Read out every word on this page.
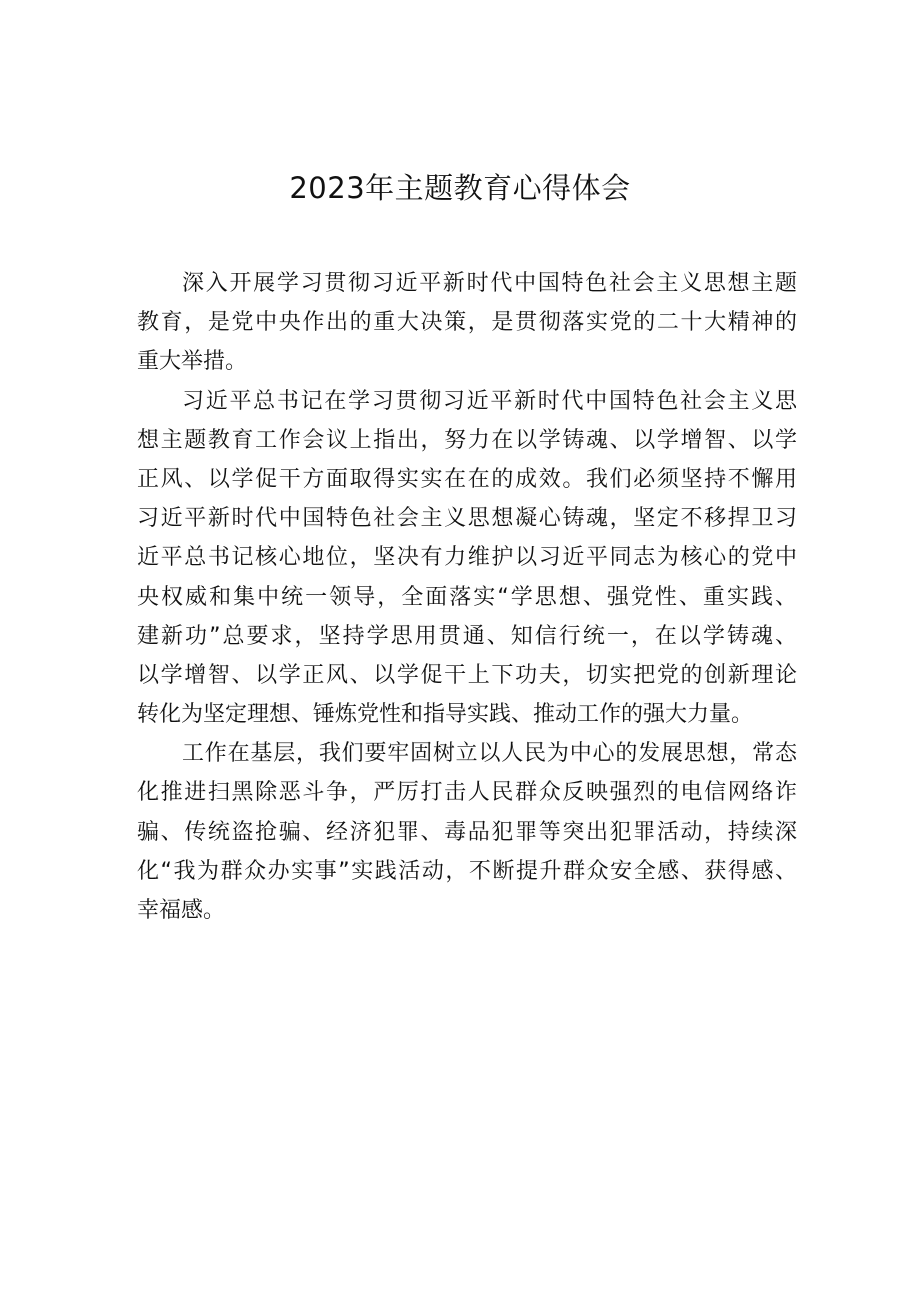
2023年主题教育心得体会

深入开展学习贯彻习近平新时代中国特色社会主义思想主题
教育，是党中央作出的重大决策，是贯彻落实党的二十大精神的
重大举措。

习近平总书记在学习贯彻习近平新时代中国特色社会主义思
想主题教育工作会议上指出，努力在以学铸魂、以学增智、以学
正风、以学促干方面取得实实在在的成效。我们必须坚持不懈用
习近平新时代中国特色社会主义思想凝心铸魂，坚定不移捍卫习
近平总书记核心地位，坚决有力维护以习近平同志为核心的党中
央权威和集中统一领导，全面落实“学思想、强党性、重实践、
建新功”总要求，坚持学思用贯通、知信行统一，在以学铸魂、
以学增智、以学正风、以学促干上下功夫，切实把党的创新理论
转化为坚定理想、锤炼党性和指导实践、推动工作的强大力量。

工作在基层，我们要牢固树立以人民为中心的发展思想，常态
化推进扫黑除恶斗争，严厉打击人民群众反映强烈的电信网络诈
骗、传统盗抢骗、经济犯罪、毒品犯罪等突出犯罪活动，持续深
化“我为群众办实事”实践活动，不断提升群众安全感、获得感、
幸福感。
